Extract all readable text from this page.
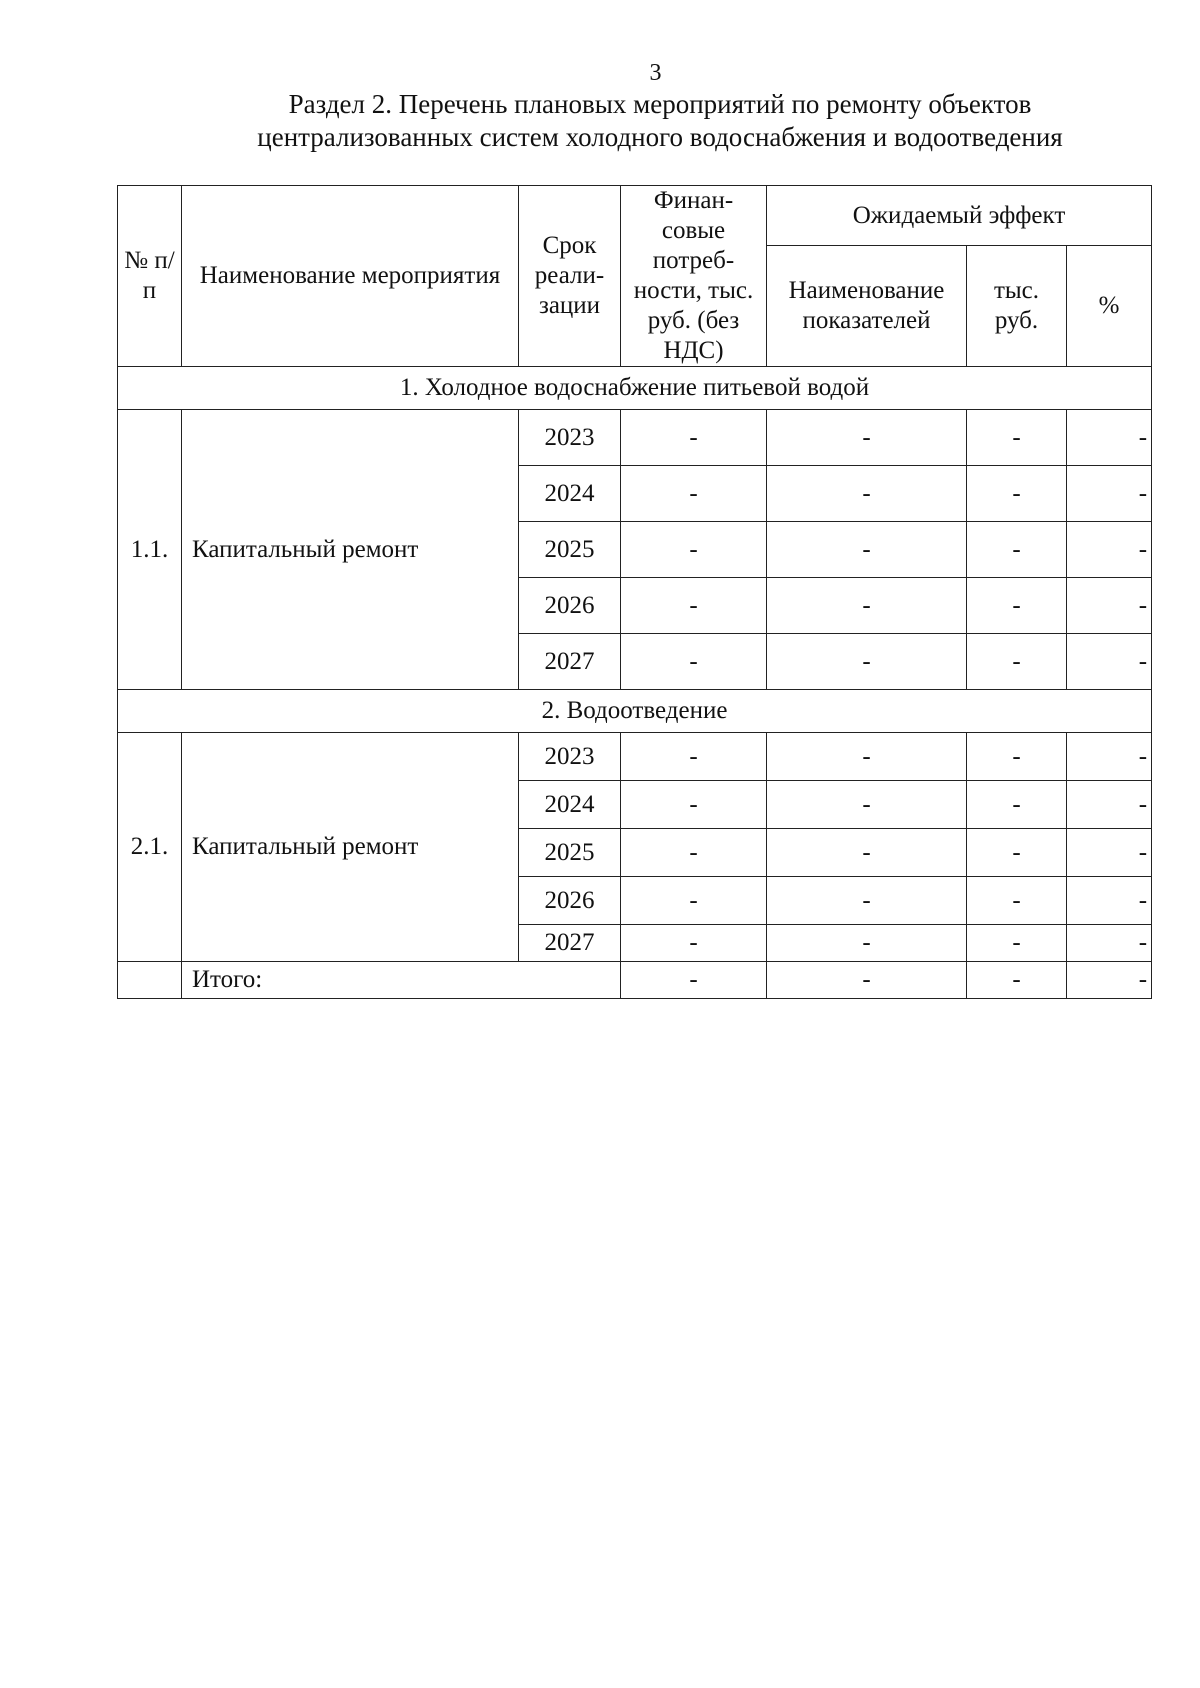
3
Раздел 2. Перечень плановых мероприятий по ремонту объектов
централизованных систем холодного водоснабжения и водоотведения
№ п/п	Наименование мероприятия	Срок реали- зации	Финан- совые потреб- ности, тыс. руб. (без НДС)	Ожидаемый эффект		
				Наименование показателей	тыс. руб.	%
1. Холодное водоснабжение питьевой водой						
1.1.	Капитальный ремонт	2023	-	-	-	-
		2024	-	-	-	-
		2025	-	-	-	-
		2026	-	-	-	-
		2027	-	-	-	-
2. Водоотведение						
2.1.	Капитальный ремонт	2023	-	-	-	-
		2024	-	-	-	-
		2025	-	-	-	-
		2026	-	-	-	-
		2027	-	-	-	-
	Итого:		-	-	-	-
